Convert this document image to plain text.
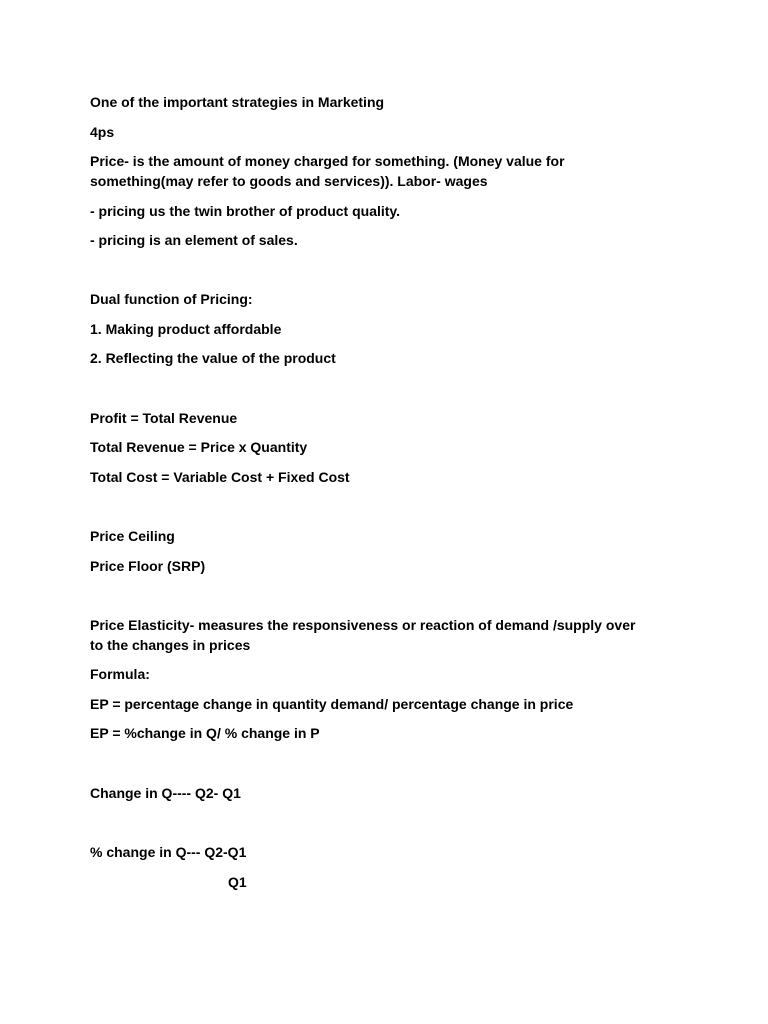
One of the important strategies in Marketing
4ps
Price- is the amount of money charged for something. (Money value for
something(may refer to goods and services)). Labor- wages
- pricing us the twin brother of product quality.
- pricing is an element of sales.
Dual function of Pricing:
1. Making product affordable
2. Reflecting the value of the product
Profit = Total Revenue
Total Revenue = Price x Quantity
Total Cost = Variable Cost + Fixed Cost
Price Ceiling
Price Floor (SRP)
Price Elasticity- measures the responsiveness or reaction of demand /supply over
to the changes in prices
Formula:
EP = percentage change in quantity demand/ percentage change in price
EP = %change in Q/ % change in P
Change in Q---- Q2- Q1
% change in Q--- Q2-Q1
Q1
